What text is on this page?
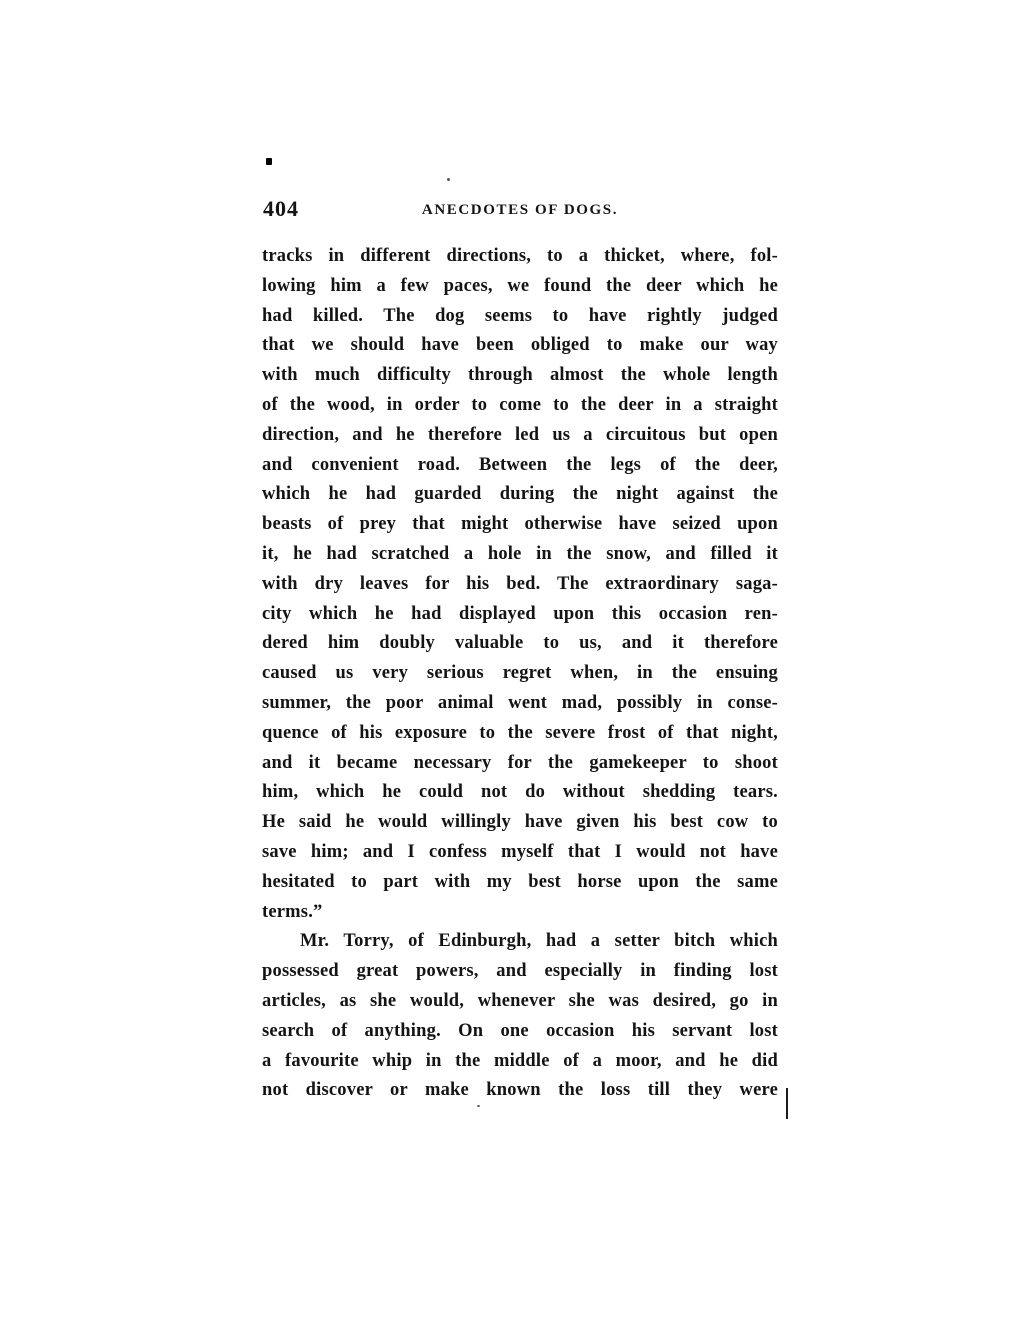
404	ANECDOTES OF DOGS.
tracks in different directions, to a thicket, where, fol-
lowing him a few paces, we found the deer which he
had killed. The dog seems to have rightly judged
that we should have been obliged to make our way
with much difficulty through almost the whole length
of the wood, in order to come to the deer in a straight
direction, and he therefore led us a circuitous but open
and convenient road. Between the legs of the deer,
which he had guarded during the night against the
beasts of prey that might otherwise have seized upon
it, he had scratched a hole in the snow, and filled it
with dry leaves for his bed. The extraordinary saga-
city which he had displayed upon this occasion ren-
dered him doubly valuable to us, and it therefore
caused us very serious regret when, in the ensuing
summer, the poor animal went mad, possibly in conse-
quence of his exposure to the severe frost of that night,
and it became necessary for the gamekeeper to shoot
him, which he could not do without shedding tears.
He said he would willingly have given his best cow to
save him; and I confess myself that I would not have
hesitated to part with my best horse upon the same
terms.”
Mr. Torry, of Edinburgh, had a setter bitch which
possessed great powers, and especially in finding lost
articles, as she would, whenever she was desired, go in
search of anything. On one occasion his servant lost
a favourite whip in the middle of a moor, and he did
not discover or make known the loss till they were
